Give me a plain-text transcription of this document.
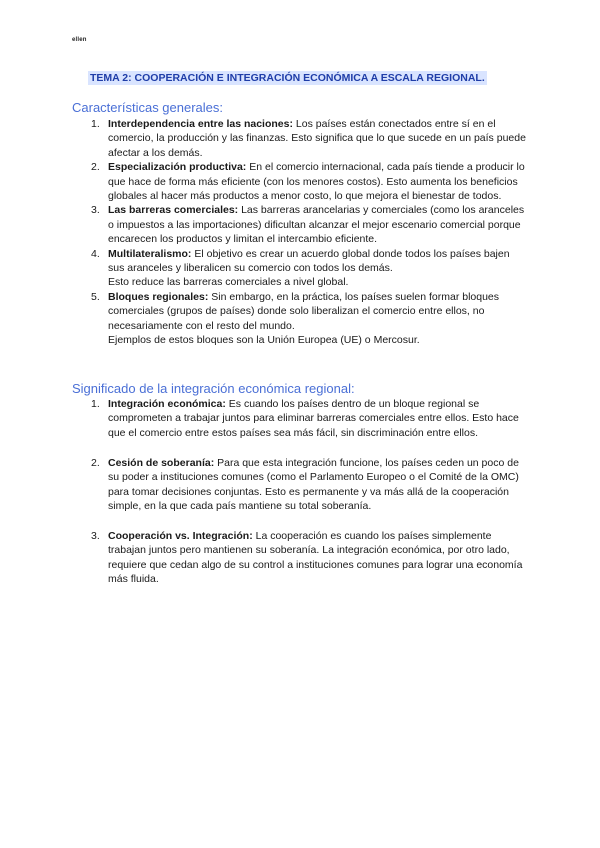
ellen
TEMA 2: COOPERACIÓN E INTEGRACIÓN ECONÓMICA A ESCALA REGIONAL.
Características generales:
1. Interdependencia entre las naciones: Los países están conectados entre sí en el comercio, la producción y las finanzas. Esto significa que lo que sucede en un país puede afectar a los demás.
2. Especialización productiva: En el comercio internacional, cada país tiende a producir lo que hace de forma más eficiente (con los menores costos). Esto aumenta los beneficios globales al hacer más productos a menor costo, lo que mejora el bienestar de todos.
3. Las barreras comerciales: Las barreras arancelarias y comerciales (como los aranceles o impuestos a las importaciones) dificultan alcanzar el mejor escenario comercial porque encarecen los productos y limitan el intercambio eficiente.
4. Multilateralismo: El objetivo es crear un acuerdo global donde todos los países bajen sus aranceles y liberalicen su comercio con todos los demás.
Esto reduce las barreras comerciales a nivel global.
5. Bloques regionales: Sin embargo, en la práctica, los países suelen formar bloques comerciales (grupos de países) donde solo liberalizan el comercio entre ellos, no necesariamente con el resto del mundo.
Ejemplos de estos bloques son la Unión Europea (UE) o Mercosur.
Significado de la integración económica regional:
1. Integración económica: Es cuando los países dentro de un bloque regional se comprometen a trabajar juntos para eliminar barreras comerciales entre ellos. Esto hace que el comercio entre estos países sea más fácil, sin discriminación entre ellos.
2. Cesión de soberanía: Para que esta integración funcione, los países ceden un poco de su poder a instituciones comunes (como el Parlamento Europeo o el Comité de la OMC) para tomar decisiones conjuntas. Esto es permanente y va más allá de la cooperación simple, en la que cada país mantiene su total soberanía.
3. Cooperación vs. Integración: La cooperación es cuando los países simplemente trabajan juntos pero mantienen su soberanía. La integración económica, por otro lado, requiere que cedan algo de su control a instituciones comunes para lograr una economía más fluida.
